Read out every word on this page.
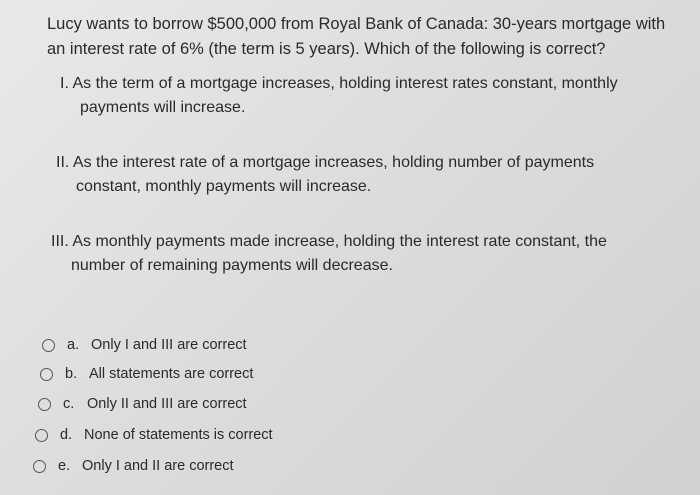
Lucy wants to borrow $500,000 from Royal Bank of Canada: 30-years mortgage with
an interest rate of 6% (the term is 5 years). Which of the following is correct?
I. As the term of a mortgage increases, holding interest rates constant, monthly
payments will increase.
II. As the interest rate of a mortgage increases, holding number of payments
constant, monthly payments will increase.
III. As monthly payments made increase, holding the interest rate constant, the
number of remaining payments will decrease.
a. Only I and III are correct
b. All statements are correct
c. Only II and III are correct
d. None of statements is correct
e. Only I and II are correct
